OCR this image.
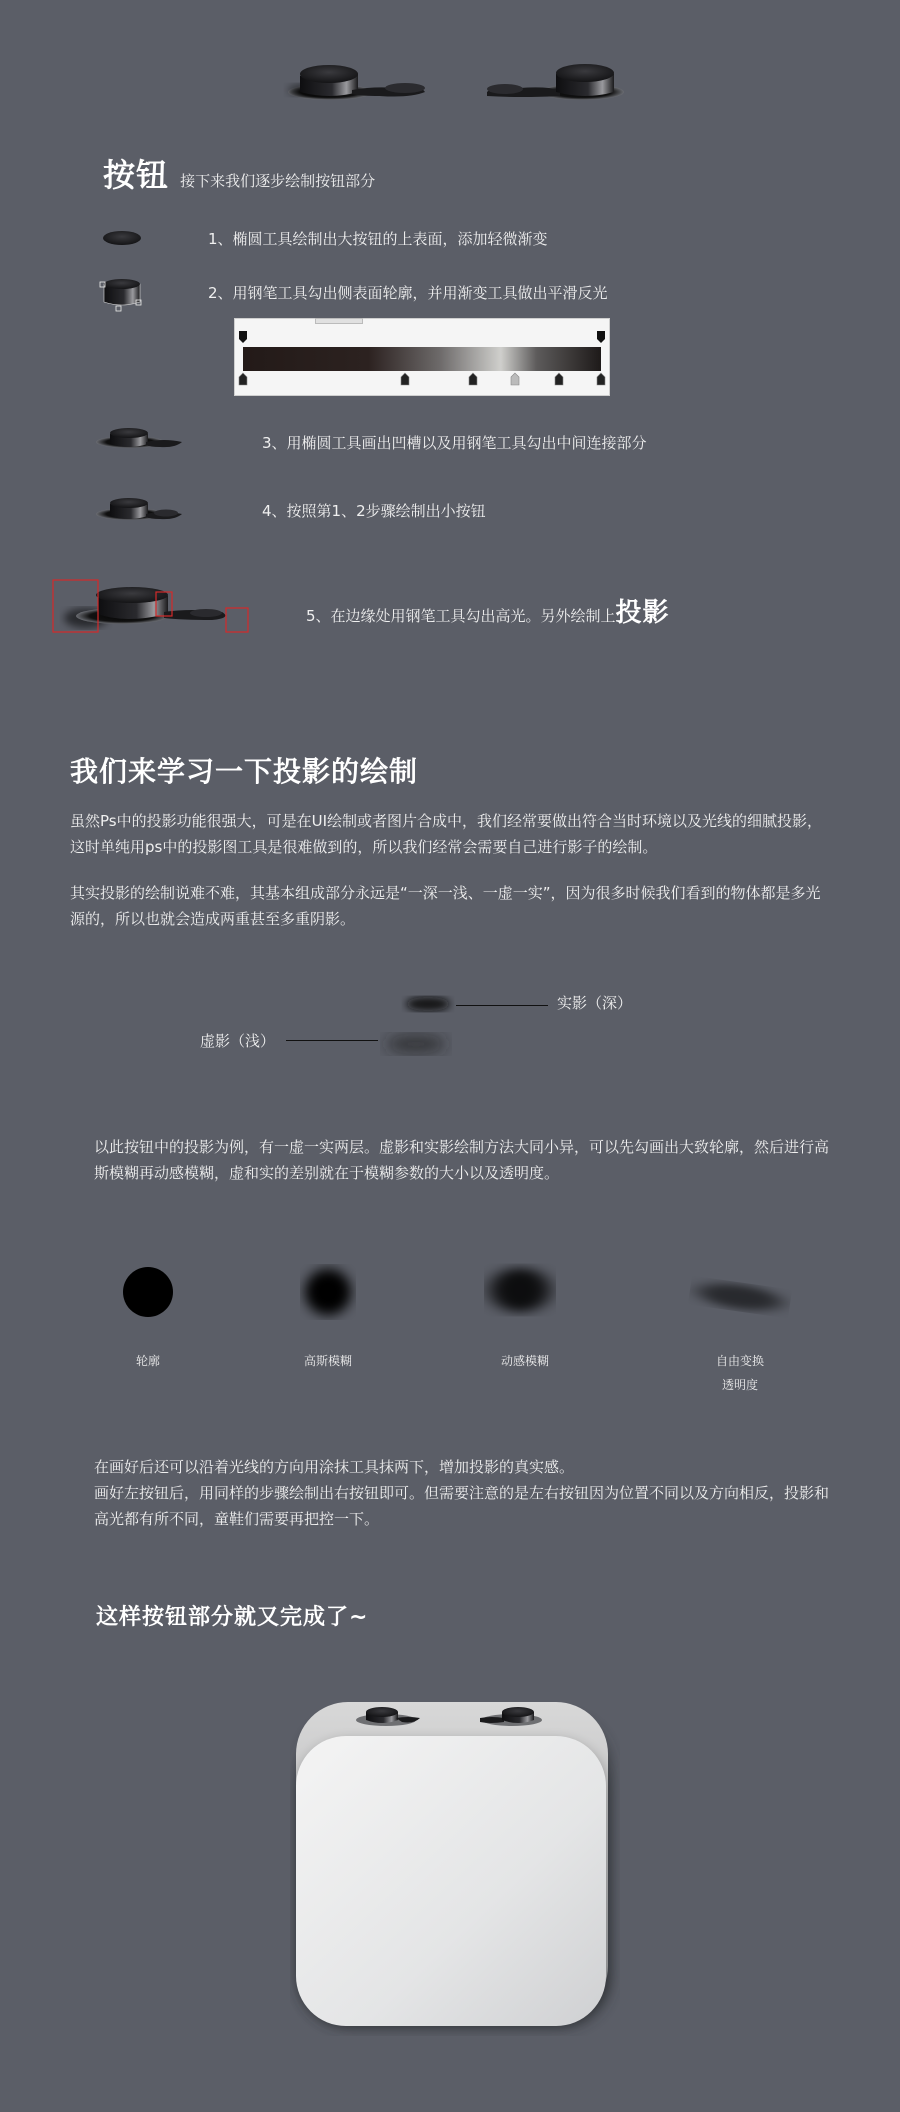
按钮 接下来我们逐步绘制按钮部分
1、椭圆工具绘制出大按钮的上表面，添加轻微渐变
2、用钢笔工具勾出侧表面轮廓，并用渐变工具做出平滑反光
3、用椭圆工具画出凹槽以及用钢笔工具勾出中间连接部分
4、按照第1、2步骤绘制出小按钮
5、在边缘处用钢笔工具勾出高光。另外绘制上投影
我们来学习一下投影的绘制
虽然Ps中的投影功能很强大，可是在UI绘制或者图片合成中，我们经常要做出符合当时环境以及光线的细腻投影，这时单纯用ps中的投影图工具是很难做到的，所以我们经常会需要自己进行影子的绘制。
其实投影的绘制说难不难，其基本组成部分永远是“一深一浅、一虚一实”，因为很多时候我们看到的物体都是多光源的，所以也就会造成两重甚至多重阴影。
实影（深）
虚影（浅）
以此按钮中的投影为例，有一虚一实两层。虚影和实影绘制方法大同小异，可以先勾画出大致轮廓，然后进行高斯模糊再动感模糊，虚和实的差别就在于模糊参数的大小以及透明度。
轮廓	高斯模糊	动感模糊	自由变换
透明度
在画好后还可以沿着光线的方向用涂抹工具抹两下，增加投影的真实感。
画好左按钮后，用同样的步骤绘制出右按钮即可。但需要注意的是左右按钮因为位置不同以及方向相反，投影和高光都有所不同，童鞋们需要再把控一下。
这样按钮部分就又完成了~
